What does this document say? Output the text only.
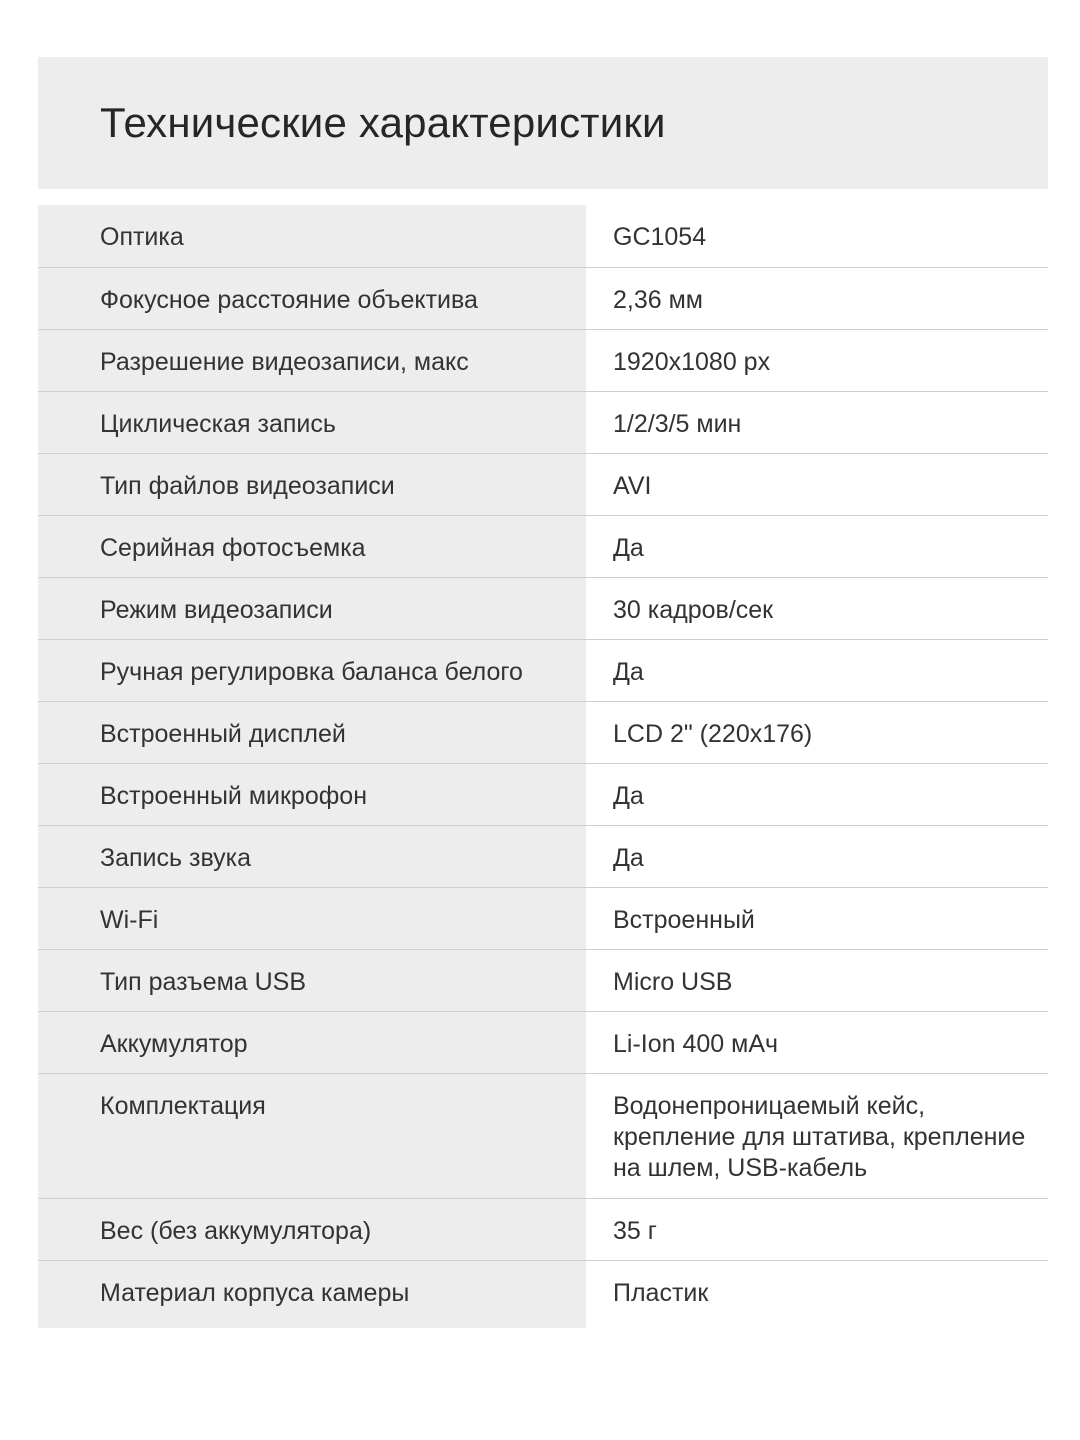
Технические характеристики
Оптика	GC1054
Фокусное расстояние объектива	2,36 мм
Разрешение видеозаписи, макс	1920x1080 px
Циклическая запись	1/2/3/5 мин
Тип файлов видеозаписи	AVI
Серийная фотосъемка	Да
Режим видеозаписи	30 кадров/сек
Ручная регулировка баланса белого	Да
Встроенный дисплей	LCD 2" (220x176)
Встроенный микрофон	Да
Запись звука	Да
Wi-Fi	Встроенный
Тип разъема USB	Micro USB
Аккумулятор	Li-Ion 400 мАч
Комплектация	Водонепроницаемый кейс, крепление для штатива, крепление на шлем, USB-кабель
Вес (без аккумулятора)	35 г
Материал корпуса камеры	Пластик
